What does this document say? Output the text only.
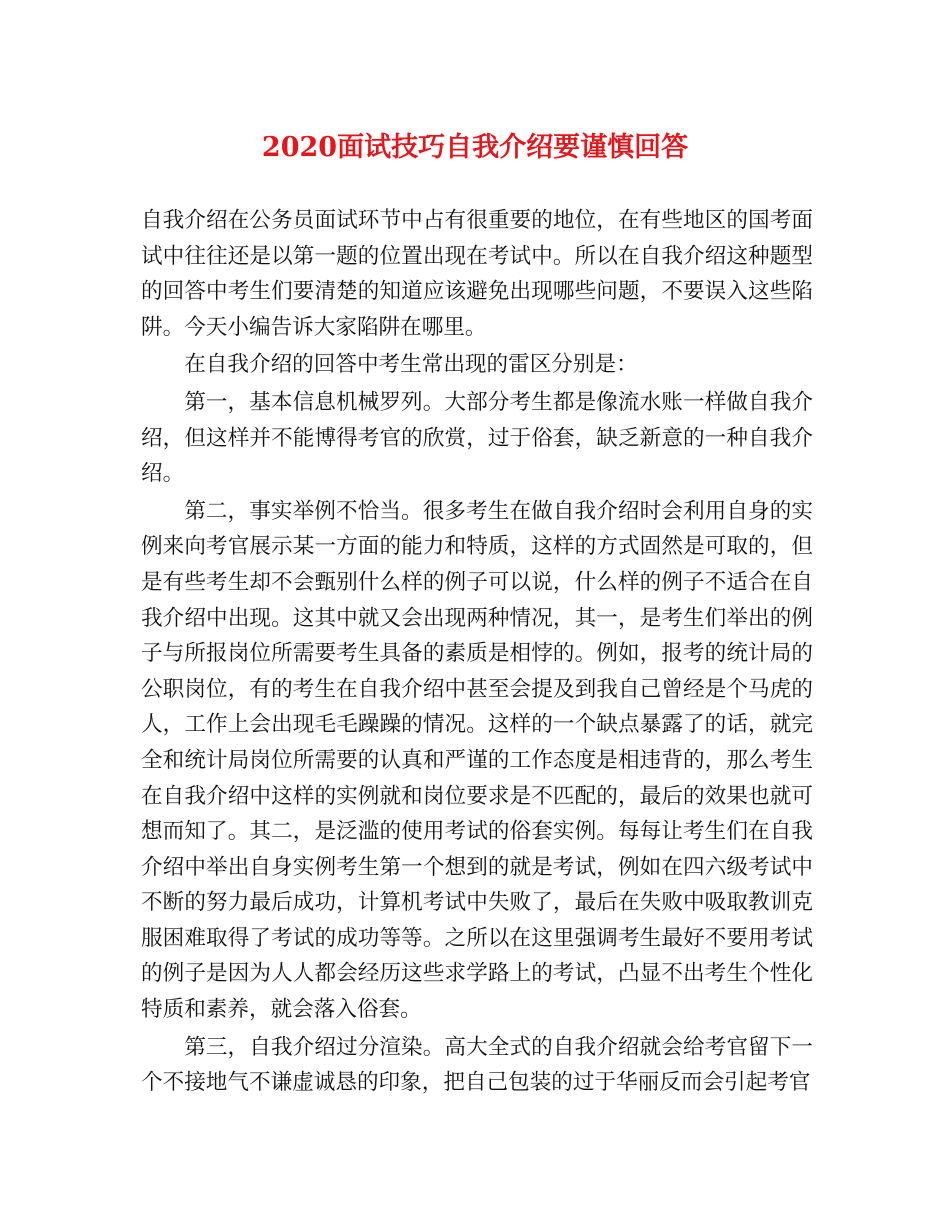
2020面试技巧自我介绍要谨慎回答

自我介绍在公务员面试环节中占有很重要的地位，在有些地区的国考面试中往往还是以第一题的位置出现在考试中。所以在自我介绍这种题型的回答中考生们要清楚的知道应该避免出现哪些问题，不要误入这些陷阱。今天小编告诉大家陷阱在哪里。

在自我介绍的回答中考生常出现的雷区分别是：

第一，基本信息机械罗列。大部分考生都是像流水账一样做自我介绍，但这样并不能博得考官的欣赏，过于俗套，缺乏新意的一种自我介绍。

第二，事实举例不恰当。很多考生在做自我介绍时会利用自身的实例来向考官展示某一方面的能力和特质，这样的方式固然是可取的，但是有些考生却不会甄别什么样的例子可以说，什么样的例子不适合在自我介绍中出现。这其中就又会出现两种情况，其一，是考生们举出的例子与所报岗位所需要考生具备的素质是相悖的。例如，报考的统计局的公职岗位，有的考生在自我介绍中甚至会提及到我自己曾经是个马虎的人，工作上会出现毛毛躁躁的情况。这样的一个缺点暴露了的话，就完全和统计局岗位所需要的认真和严谨的工作态度是相违背的，那么考生在自我介绍中这样的实例就和岗位要求是不匹配的，最后的效果也就可想而知了。其二，是泛滥的使用考试的俗套实例。每每让考生们在自我介绍中举出自身实例考生第一个想到的就是考试，例如在四六级考试中不断的努力最后成功，计算机考试中失败了，最后在失败中吸取教训克服困难取得了考试的成功等等。之所以在这里强调考生最好不要用考试的例子是因为人人都会经历这些求学路上的考试，凸显不出考生个性化特质和素养，就会落入俗套。

第三，自我介绍过分渲染。高大全式的自我介绍就会给考官留下一个不接地气不谦虚诚恳的印象，把自己包装的过于华丽反而会引起考官
